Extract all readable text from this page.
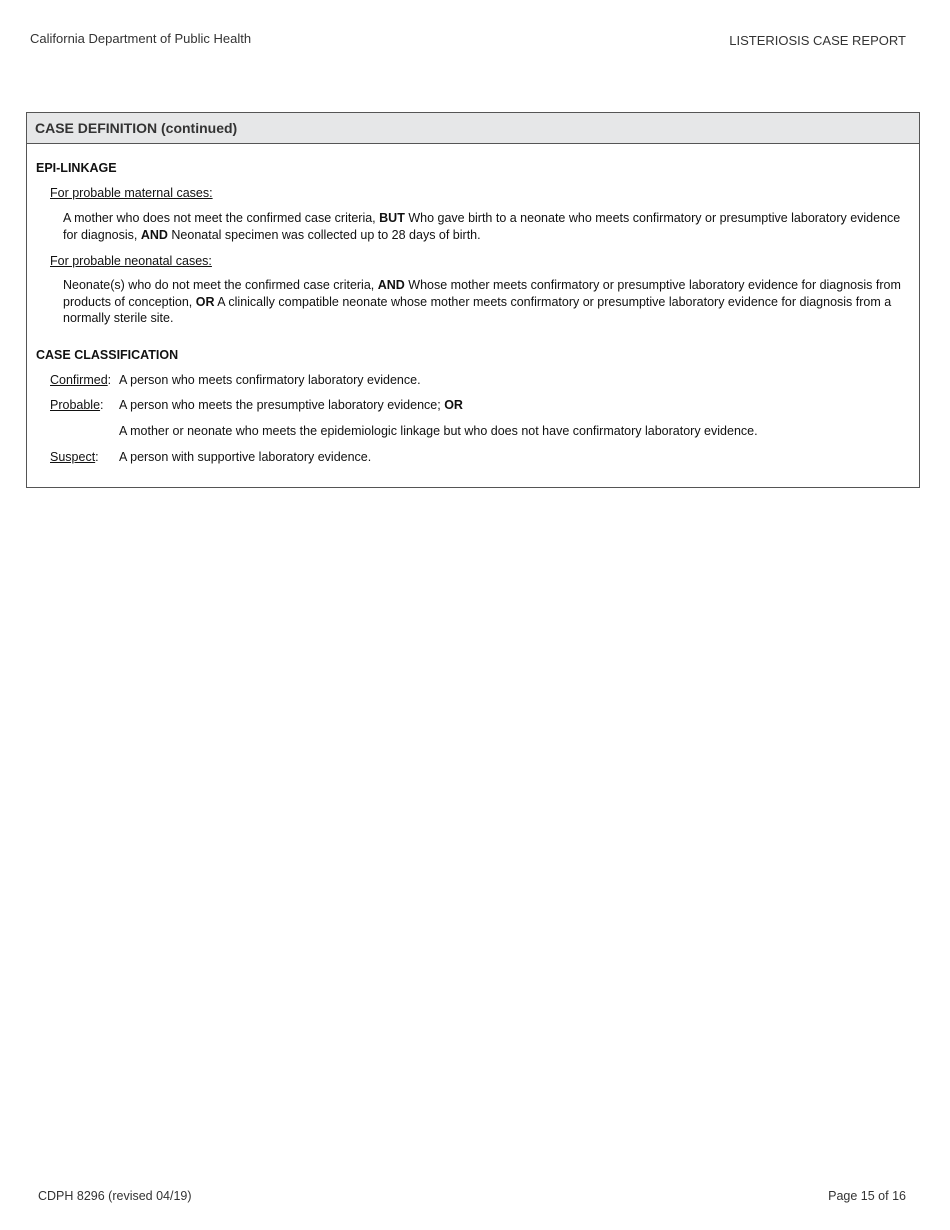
California Department of Public Health	LISTERIOSIS CASE REPORT
CASE DEFINITION (continued)
EPI-LINKAGE
For probable maternal cases:
A mother who does not meet the confirmed case criteria, BUT Who gave birth to a neonate who meets confirmatory or presumptive laboratory evidence for diagnosis, AND Neonatal specimen was collected up to 28 days of birth.
For probable neonatal cases:
Neonate(s) who do not meet the confirmed case criteria, AND Whose mother meets confirmatory or presumptive laboratory evidence for diagnosis from products of conception, OR A clinically compatible neonate whose mother meets confirmatory or presumptive laboratory evidence for diagnosis from a normally sterile site.
CASE CLASSIFICATION
Confirmed: A person who meets confirmatory laboratory evidence.
Probable: A person who meets the presumptive laboratory evidence; OR
A mother or neonate who meets the epidemiologic linkage but who does not have confirmatory laboratory evidence.
Suspect: A person with supportive laboratory evidence.
CDPH 8296 (revised 04/19)	Page 15 of 16
